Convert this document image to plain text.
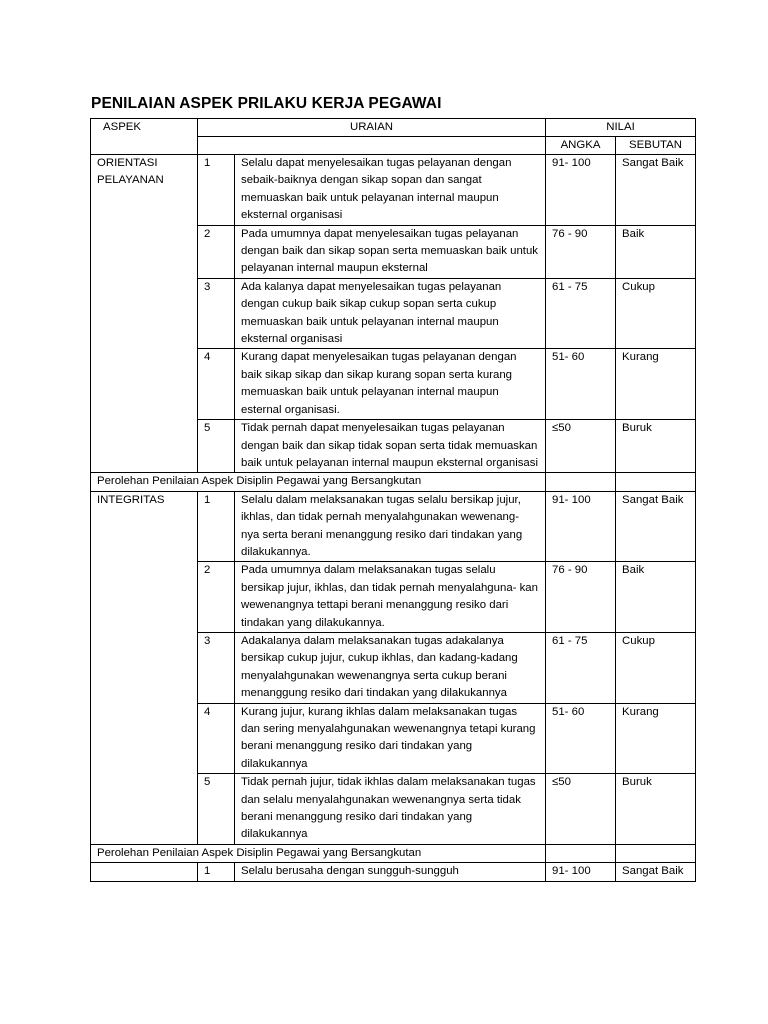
PENILAIAN ASPEK PRILAKU KERJA PEGAWAI
ASPEK	URAIAN		NILAI	
			ANGKA	SEBUTAN
ORIENTASI PELAYANAN	1	Selalu dapat menyelesaikan tugas pelayanan dengan sebaik-baiknya dengan sikap sopan dan sangat memuaskan baik untuk pelayanan internal maupun eksternal organisasi	91- 100	Sangat Baik
	2	Pada umumnya dapat menyelesaikan tugas pelayanan dengan baik dan sikap sopan serta memuaskan baik untuk pelayanan internal maupun eksternal	76 - 90	Baik
	3	Ada kalanya dapat menyelesaikan tugas pelayanan dengan cukup baik sikap cukup sopan serta cukup memuaskan baik untuk pelayanan internal maupun eksternal organisasi	61 - 75	Cukup
	4	Kurang dapat menyelesaikan tugas pelayanan dengan baik sikap sikap dan sikap kurang sopan serta kurang memuaskan baik untuk pelayanan internal maupun esternal organisasi.	51- 60	Kurang
	5	Tidak pernah dapat menyelesaikan tugas pelayanan dengan baik dan sikap tidak sopan serta tidak memuaskan baik untuk pelayanan internal maupun eksternal organisasi	≤50	Buruk
Perolehan Penilaian Aspek Disiplin Pegawai yang Bersangkutan				
INTEGRITAS	1	Selalu dalam melaksanakan tugas selalu bersikap jujur, ikhlas, dan tidak pernah menyalahgunakan wewenang- nya serta berani menanggung resiko dari tindakan yang dilakukannya.	91- 100	Sangat Baik
	2	Pada umumnya dalam melaksanakan tugas selalu bersikap jujur, ikhlas, dan tidak pernah menyalahguna- kan wewenangnya tettapi berani menanggung resiko dari tindakan yang dilakukannya.	76 - 90	Baik
	3	Adakalanya dalam melaksanakan tugas adakalanya bersikap cukup jujur, cukup ikhlas, dan kadang-kadang menyalahgunakan wewenangnya serta cukup berani menanggung resiko dari tindakan yang dilakukannya	61 - 75	Cukup
	4	Kurang jujur, kurang ikhlas dalam melaksanakan tugas dan sering menyalahgunakan wewenangnya tetapi kurang berani menanggung resiko dari tindakan yang dilakukannya	51- 60	Kurang
	5	Tidak pernah jujur, tidak ikhlas dalam melaksanakan tugas dan selalu menyalahgunakan wewenangnya serta tidak berani menanggung resiko dari tindakan yang dilakukannya	≤50	Buruk
Perolehan Penilaian Aspek Disiplin Pegawai yang Bersangkutan				
	1	Selalu berusaha dengan sungguh-sungguh	91- 100	Sangat Baik
